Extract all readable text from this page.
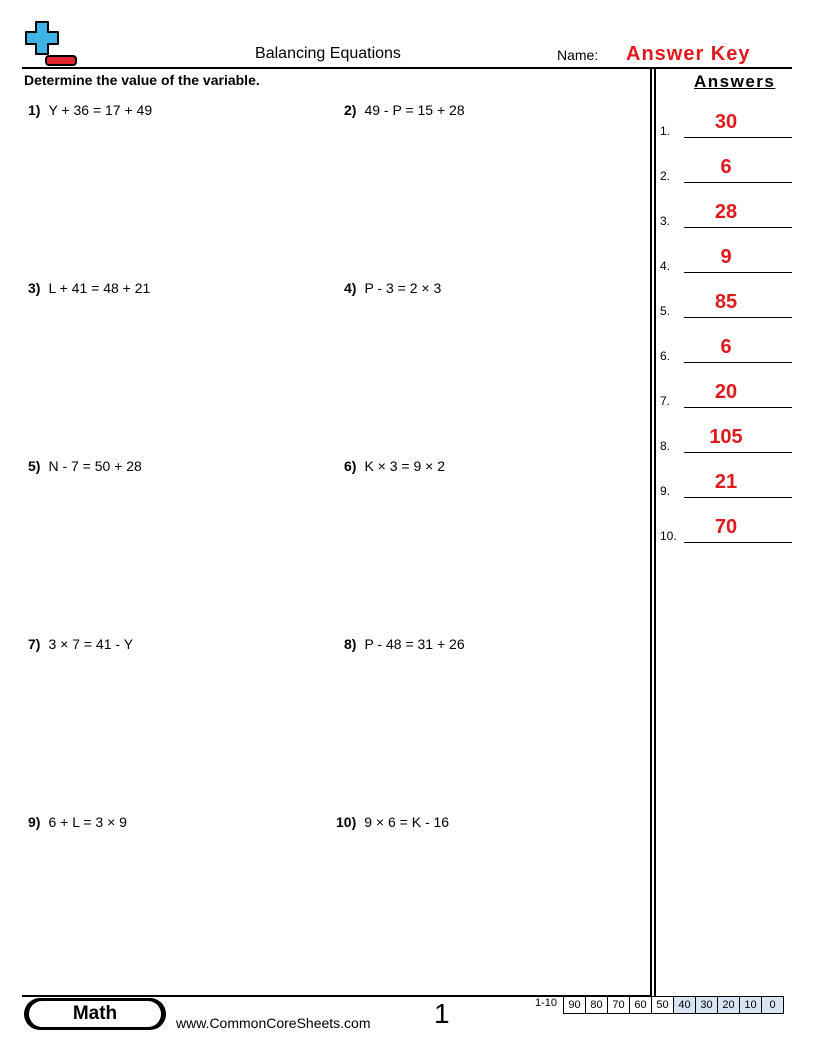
Balancing Equations	Name: Answer Key
Determine the value of the variable.
1) Y + 36 = 17 + 49	2) 49 - P = 15 + 28
3) L + 41 = 48 + 21	4) P - 3 = 2 × 3
5) N - 7 = 50 + 28	6) K × 3 = 9 × 2
7) 3 × 7 = 41 - Y	8) P - 48 = 31 + 26
9) 6 + L = 3 × 9	10) 9 × 6 = K - 16
Answers
1.	30
2.	6
3.	28
4.	9
5.	85
6.	6
7.	20
8.	105
9.	21
10.	70
Math	www.CommonCoreSheets.com 1	1-10 90	80	70	60	50	40	30	20	10	0
